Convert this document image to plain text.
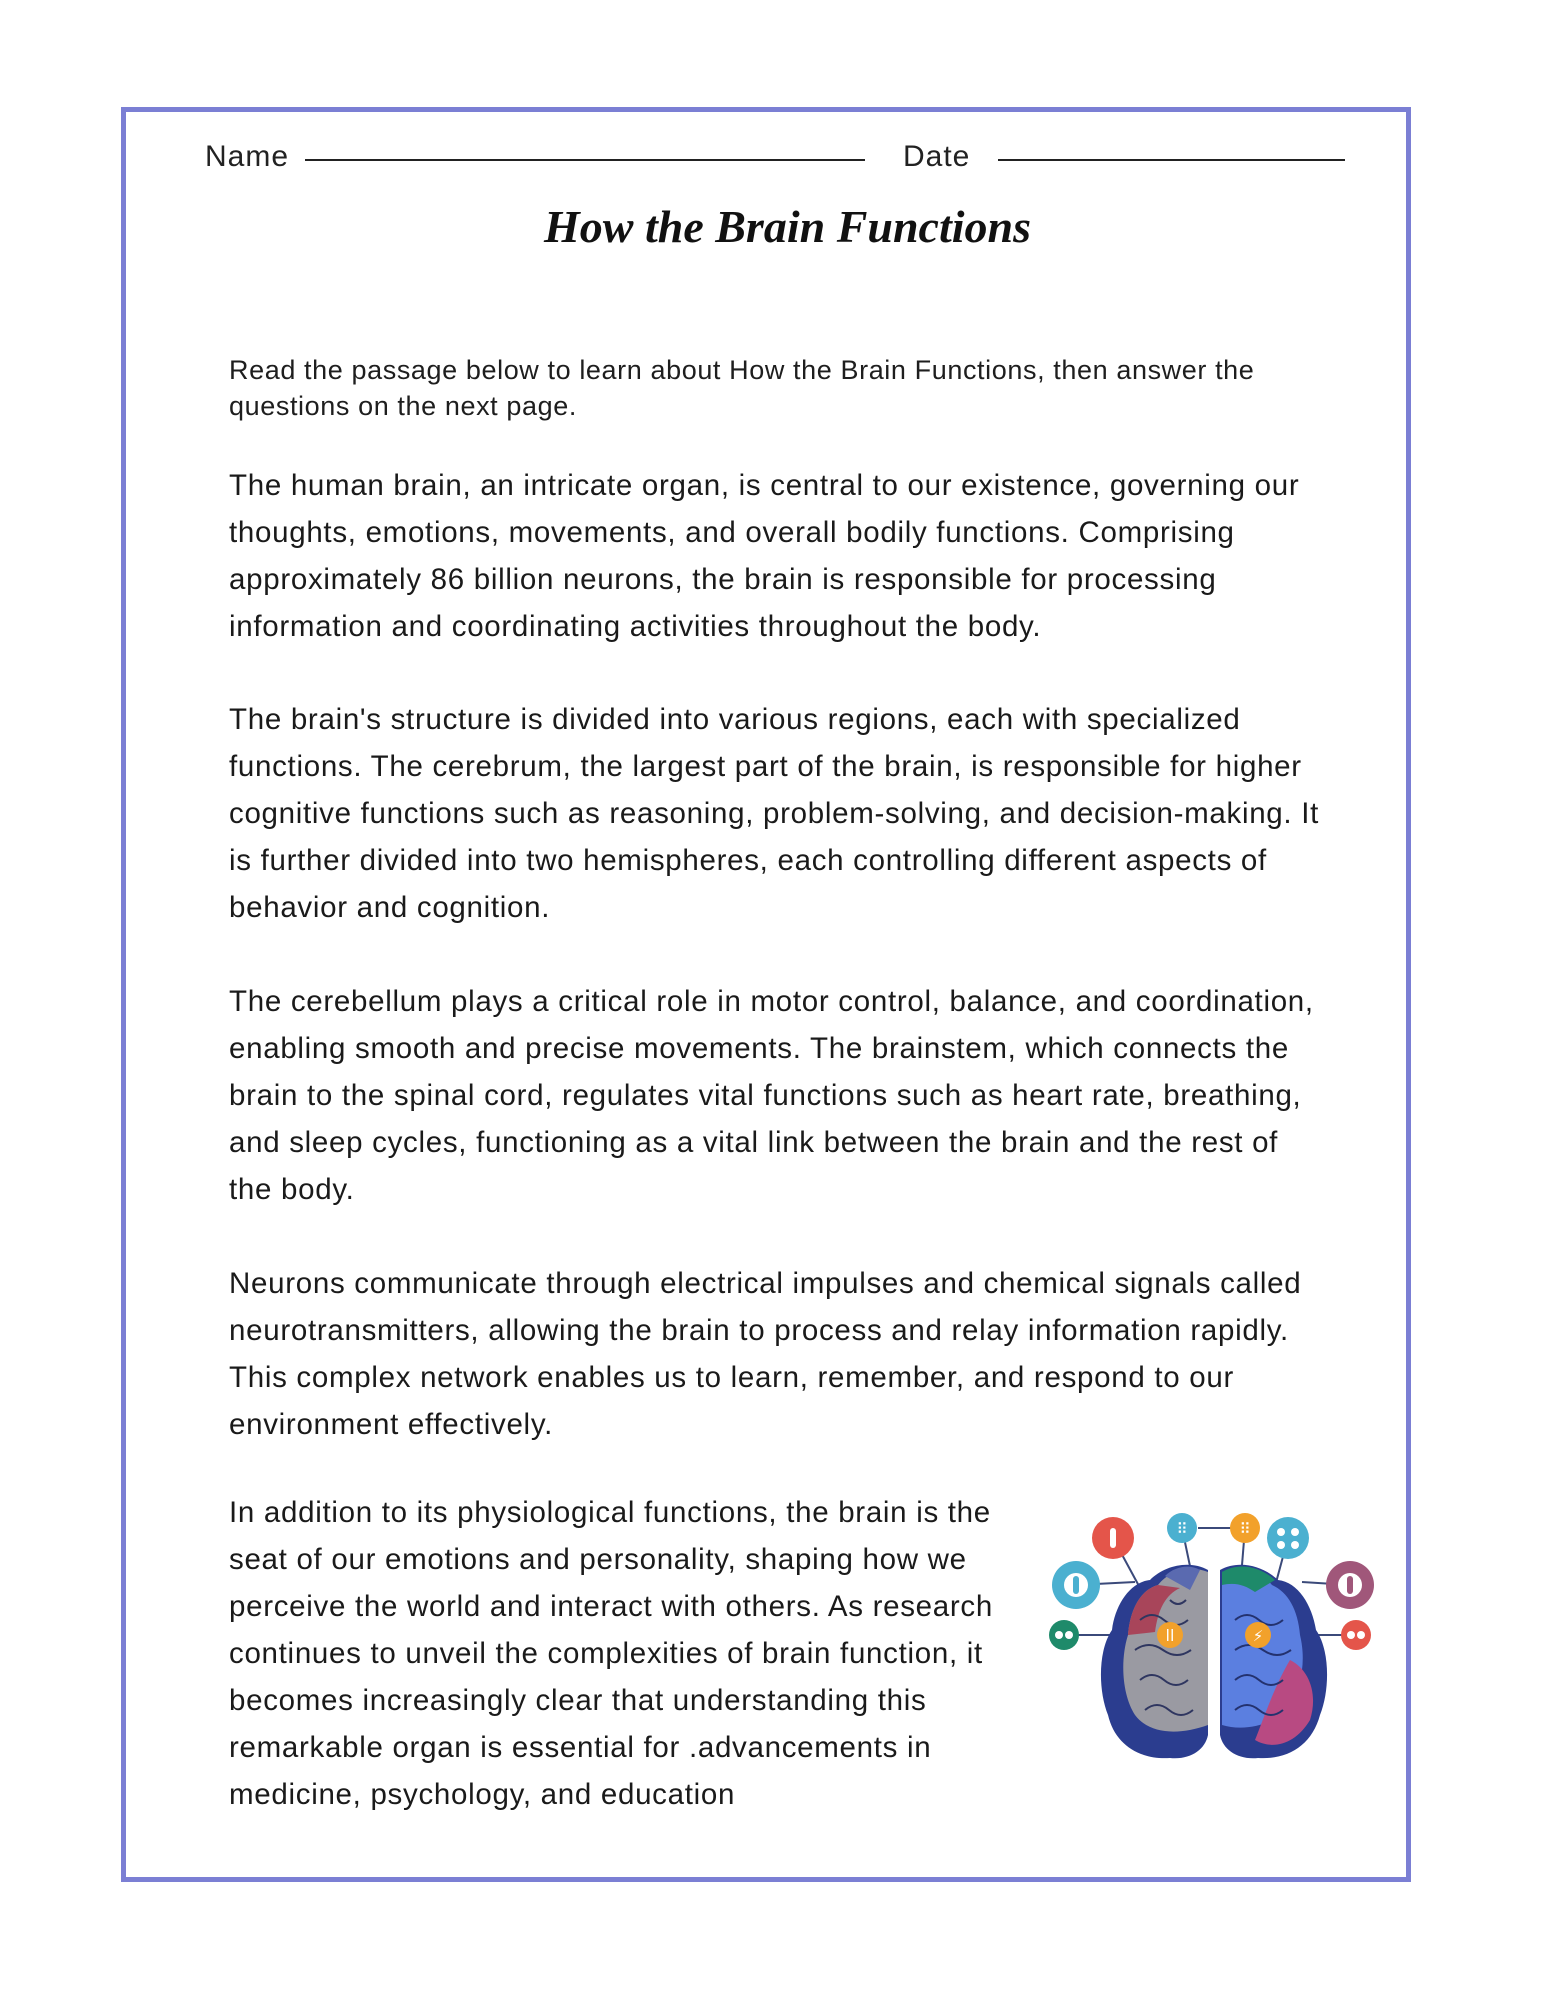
Name	Date
How the Brain Functions
Read the passage below to learn about How the Brain Functions, then answer the questions on the next page.

The human brain, an intricate organ, is central to our existence, governing our thoughts, emotions, movements, and overall bodily functions. Comprising approximately 86 billion neurons, the brain is responsible for processing information and coordinating activities throughout the body.

The brain's structure is divided into various regions, each with specialized functions. The cerebrum, the largest part of the brain, is responsible for higher cognitive functions such as reasoning, problem-solving, and decision-making. It is further divided into two hemispheres, each controlling different aspects of behavior and cognition.

The cerebellum plays a critical role in motor control, balance, and coordination, enabling smooth and precise movements. The brainstem, which connects the brain to the spinal cord, regulates vital functions such as heart rate, breathing, and sleep cycles, functioning as a vital link between the brain and the rest of the body.

Neurons communicate through electrical impulses and chemical signals called neurotransmitters, allowing the brain to process and relay information rapidly. This complex network enables us to learn, remember, and respond to our environment effectively.

In addition to its physiological functions, the brain is the seat of our emotions and personality, shaping how we perceive the world and interact with others. As research continues to unveil the complexities of brain function, it becomes increasingly clear that understanding this remarkable organ is essential for .advancements in medicine, psychology, and education

ll	⚡
⠿	⠿
